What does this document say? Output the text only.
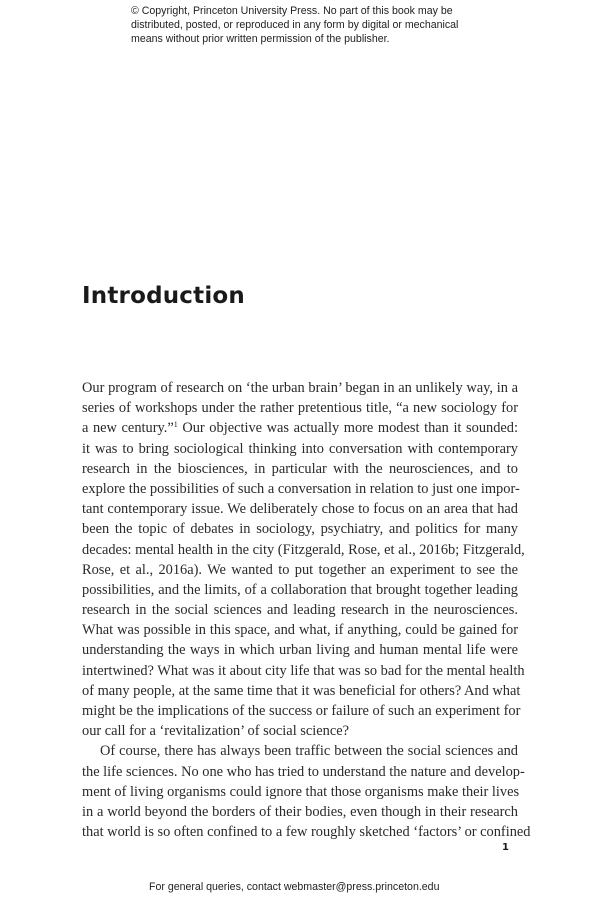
© Copyright, Princeton University Press. No part of this book may be
distributed, posted, or reproduced in any form by digital or mechanical
means without prior written permission of the publisher.
Introduction
Our program of research on ‘the urban brain’ began in an unlikely way, in a
series of workshops under the rather pretentious title, “a new sociology for
a new century.”$^1$ Our objective was actually more modest than it sounded:
it was to bring sociological thinking into conversation with contemporary
research in the biosciences, in particular with the neurosciences, and to
explore the possibilities of such a conversation in relation to just one impor-
tant contemporary issue. We deliberately chose to focus on an area that had
been the topic of debates in sociology, psychiatry, and politics for many
decades: mental health in the city (Fitzgerald, Rose, et al., 2016b; Fitzgerald,
Rose, et al., 2016a). We wanted to put together an experiment to see the
possibilities, and the limits, of a collaboration that brought together leading
research in the social sciences and leading research in the neurosciences.
What was possible in this space, and what, if anything, could be gained for
understanding the ways in which urban living and human mental life were
intertwined? What was it about city life that was so bad for the mental health
of many people, at the same time that it was beneficial for others? And what
might be the implications of the success or failure of such an experiment for
our call for a ‘revitalization’ of social science?
Of course, there has always been traffic between the social sciences and
the life sciences. No one who has tried to understand the nature and develop-
ment of living organisms could ignore that those organisms make their lives
in a world beyond the borders of their bodies, even though in their research
that world is so often confined to a few roughly sketched ‘factors’ or confined
1
For general queries, contact webmaster@press.princeton.edu
